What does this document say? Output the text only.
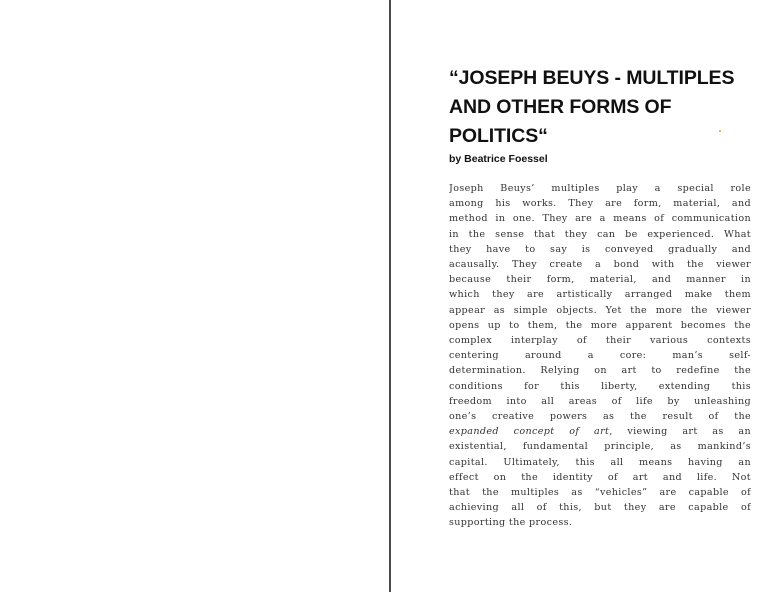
“JOSEPH BEUYS - MULTIPLES
AND OTHER FORMS OF
POLITICS“

by Beatrice Foessel

Joseph Beuys’ multiples play a special role
among his works. They are form, material, and
method in one. They are a means of communication
in the sense that they can be experienced. What
they have to say is conveyed gradually and
acausally. They create a bond with the viewer
because their form, material, and manner in
which they are artistically arranged make them
appear as simple objects. Yet the more the viewer
opens up to them, the more apparent becomes the
complex interplay of their various contexts
centering around a core: man’s self-
determination. Relying on art to redefine the
conditions for this liberty, extending this
freedom into all areas of life by unleashing
one’s creative powers as the result of the
expanded concept of art, viewing art as an
existential, fundamental principle, as mankind’s
capital. Ultimately, this all means having an
effect on the identity of art and life. Not
that the multiples as “vehicles” are capable of
achieving all of this, but they are capable of
supporting the process.
